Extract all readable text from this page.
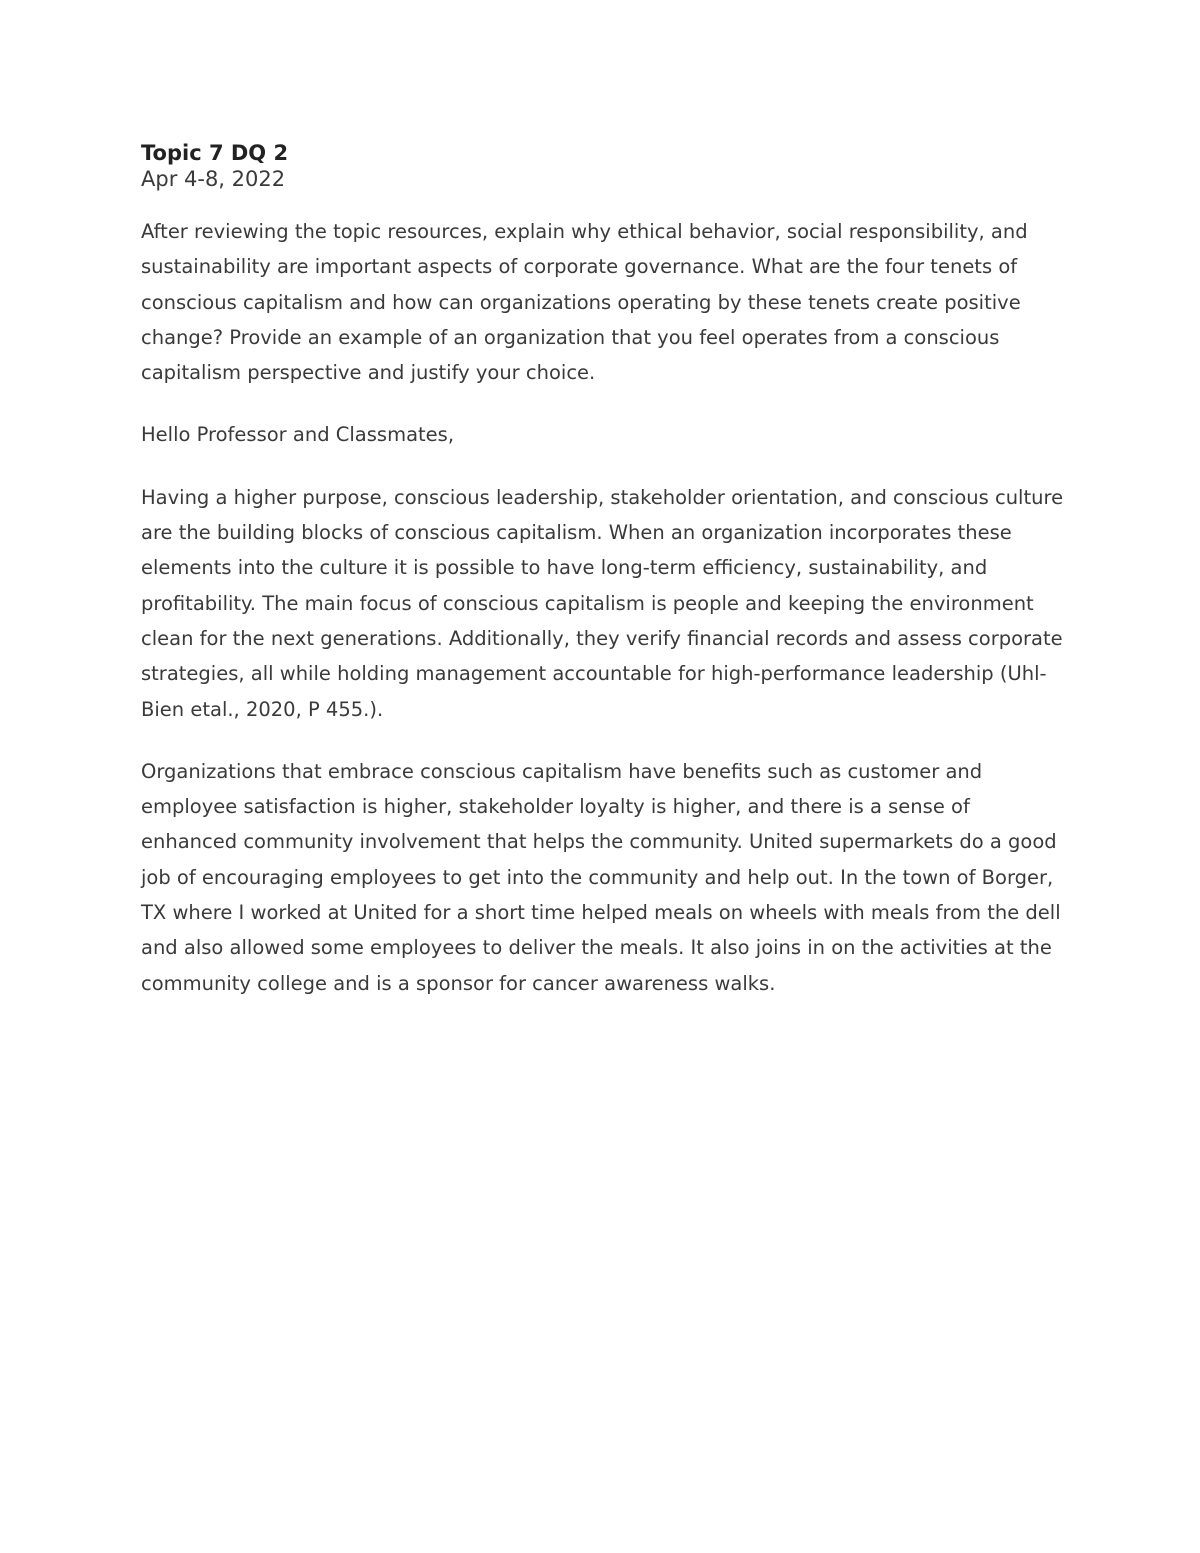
Topic 7 DQ 2
Apr 4-8, 2022

After reviewing the topic resources, explain why ethical behavior, social responsibility, and sustainability are important aspects of corporate governance. What are the four tenets of conscious capitalism and how can organizations operating by these tenets create positive change? Provide an example of an organization that you feel operates from a conscious capitalism perspective and justify your choice.

Hello Professor and Classmates,

Having a higher purpose, conscious leadership, stakeholder orientation, and conscious culture are the building blocks of conscious capitalism. When an organization incorporates these elements into the culture it is possible to have long-term efficiency, sustainability, and profitability. The main focus of conscious capitalism is people and keeping the environment clean for the next generations. Additionally, they verify financial records and assess corporate strategies, all while holding management accountable for high-performance leadership (Uhl-Bien etal., 2020, P 455.).

Organizations that embrace conscious capitalism have benefits such as customer and employee satisfaction is higher, stakeholder loyalty is higher, and there is a sense of enhanced community involvement that helps the community. United supermarkets do a good job of encouraging employees to get into the community and help out. In the town of Borger, TX where I worked at United for a short time helped meals on wheels with meals from the dell and also allowed some employees to deliver the meals. It also joins in on the activities at the community college and is a sponsor for cancer awareness walks.
